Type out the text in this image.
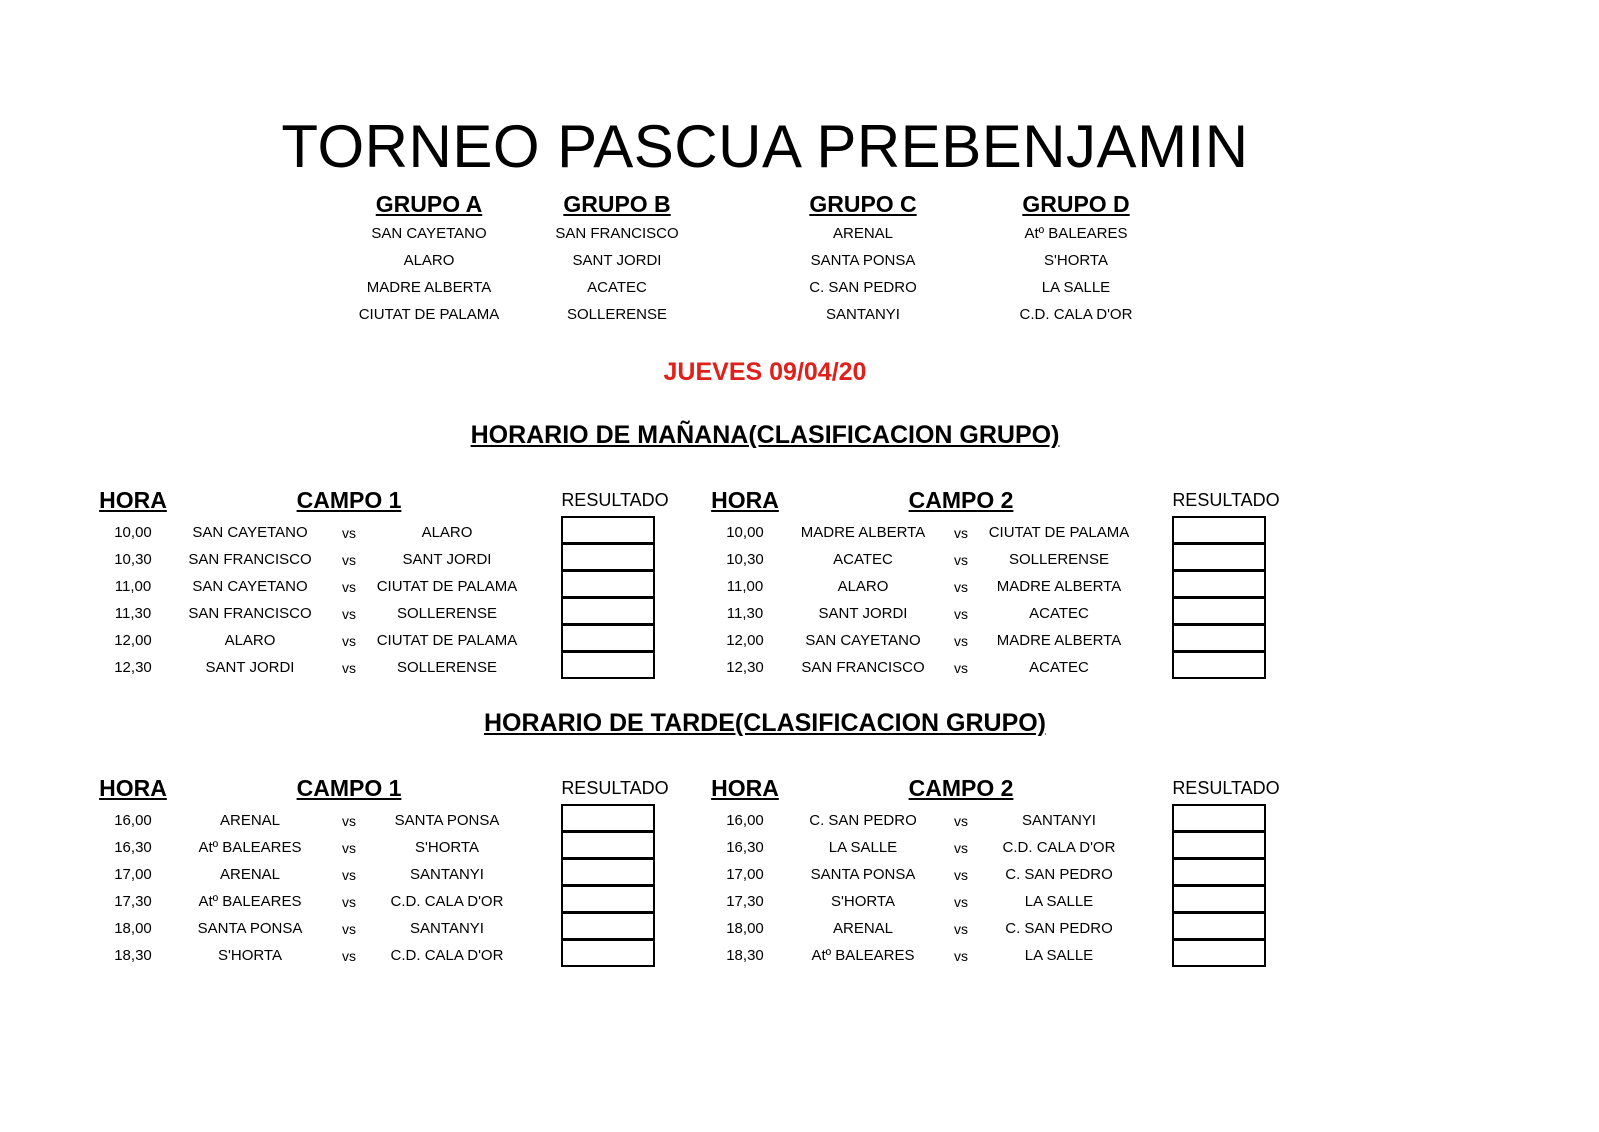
TORNEO PASCUA PREBENJAMIN
GRUPO A
SAN CAYETANO
ALARO
MADRE ALBERTA
CIUTAT DE PALAMA
GRUPO B
SAN FRANCISCO
SANT JORDI
ACATEC
SOLLERENSE
GRUPO C
ARENAL
SANTA PONSA
C. SAN PEDRO
SANTANYI
GRUPO D
Atº BALEARES
S'HORTA
LA SALLE
C.D. CALA D'OR
JUEVES 09/04/20
HORARIO DE MAÑANA(CLASIFICACION GRUPO)
HORA	CAMPO 1	RESULTADO
10,00	SAN CAYETANO	vs	ALARO
10,30	SAN FRANCISCO	vs	SANT JORDI
11,00	SAN CAYETANO	vs	CIUTAT DE PALAMA
11,30	SAN FRANCISCO	vs	SOLLERENSE
12,00	ALARO	vs	CIUTAT DE PALAMA
12,30	SANT JORDI	vs	SOLLERENSE
HORA	CAMPO 2	RESULTADO
10,00	MADRE ALBERTA	vs	CIUTAT DE PALAMA
10,30	ACATEC	vs	SOLLERENSE
11,00	ALARO	vs	MADRE ALBERTA
11,30	SANT JORDI	vs	ACATEC
12,00	SAN CAYETANO	vs	MADRE ALBERTA
12,30	SAN FRANCISCO	vs	ACATEC
HORARIO DE TARDE(CLASIFICACION GRUPO)
HORA	CAMPO 1	RESULTADO
16,00	ARENAL	vs	SANTA PONSA
16,30	Atº BALEARES	vs	S'HORTA
17,00	ARENAL	vs	SANTANYI
17,30	Atº BALEARES	vs	C.D. CALA D'OR
18,00	SANTA PONSA	vs	SANTANYI
18,30	S'HORTA	vs	C.D. CALA D'OR
HORA	CAMPO 2	RESULTADO
16,00	C. SAN PEDRO	vs	SANTANYI
16,30	LA SALLE	vs	C.D. CALA D'OR
17,00	SANTA PONSA	vs	C. SAN PEDRO
17,30	S'HORTA	vs	LA SALLE
18,00	ARENAL	vs	C. SAN PEDRO
18,30	Atº BALEARES	vs	LA SALLE
